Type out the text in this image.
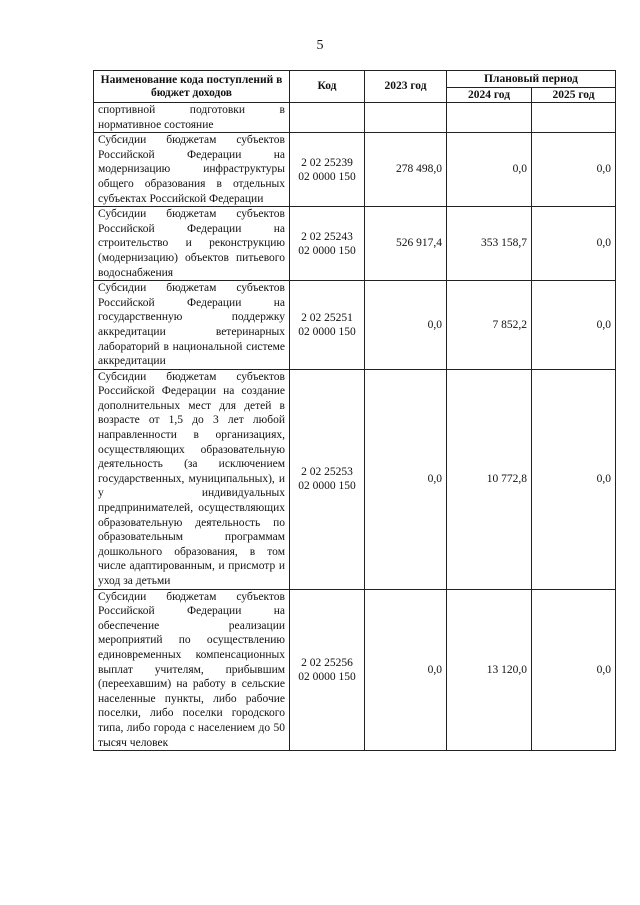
5
Наименование кода поступлений в бюджет доходов	Код	2023 год	Плановый период	
			2024 год	2025 год
спортивной подготовки в нормативное состояние				
Субсидии бюджетам субъектов Российской Федерации на модернизацию инфраструктуры общего образования в отдельных субъектах Российской Федерации	2 02 25239 02 0000 150	278 498,0	0,0	0,0
Субсидии бюджетам субъектов Российской Федерации на строительство и реконструкцию (модернизацию) объектов питьевого водоснабжения	2 02 25243 02 0000 150	526 917,4	353 158,7	0,0
Субсидии бюджетам субъектов Российской Федерации на государственную поддержку аккредитации ветеринарных лабораторий в национальной системе аккредитации	2 02 25251 02 0000 150	0,0	7 852,2	0,0
Субсидии бюджетам субъектов Российской Федерации на создание дополнительных мест для детей в возрасте от 1,5 до 3 лет любой направленности в организациях, осуществляющих образовательную деятельность (за исключением государственных, муниципальных), и у индивидуальных предпринимателей, осуществляющих образовательную деятельность по образовательным программам дошкольного образования, в том числе адаптированным, и присмотр и уход за детьми	2 02 25253 02 0000 150	0,0	10 772,8	0,0
Субсидии бюджетам субъектов Российской Федерации на обеспечение реализации мероприятий по осуществлению единовременных компенсационных выплат учителям, прибывшим (переехавшим) на работу в сельские населенные пункты, либо рабочие поселки, либо поселки городского типа, либо города с населением до 50 тысяч человек	2 02 25256 02 0000 150	0,0	13 120,0	0,0
